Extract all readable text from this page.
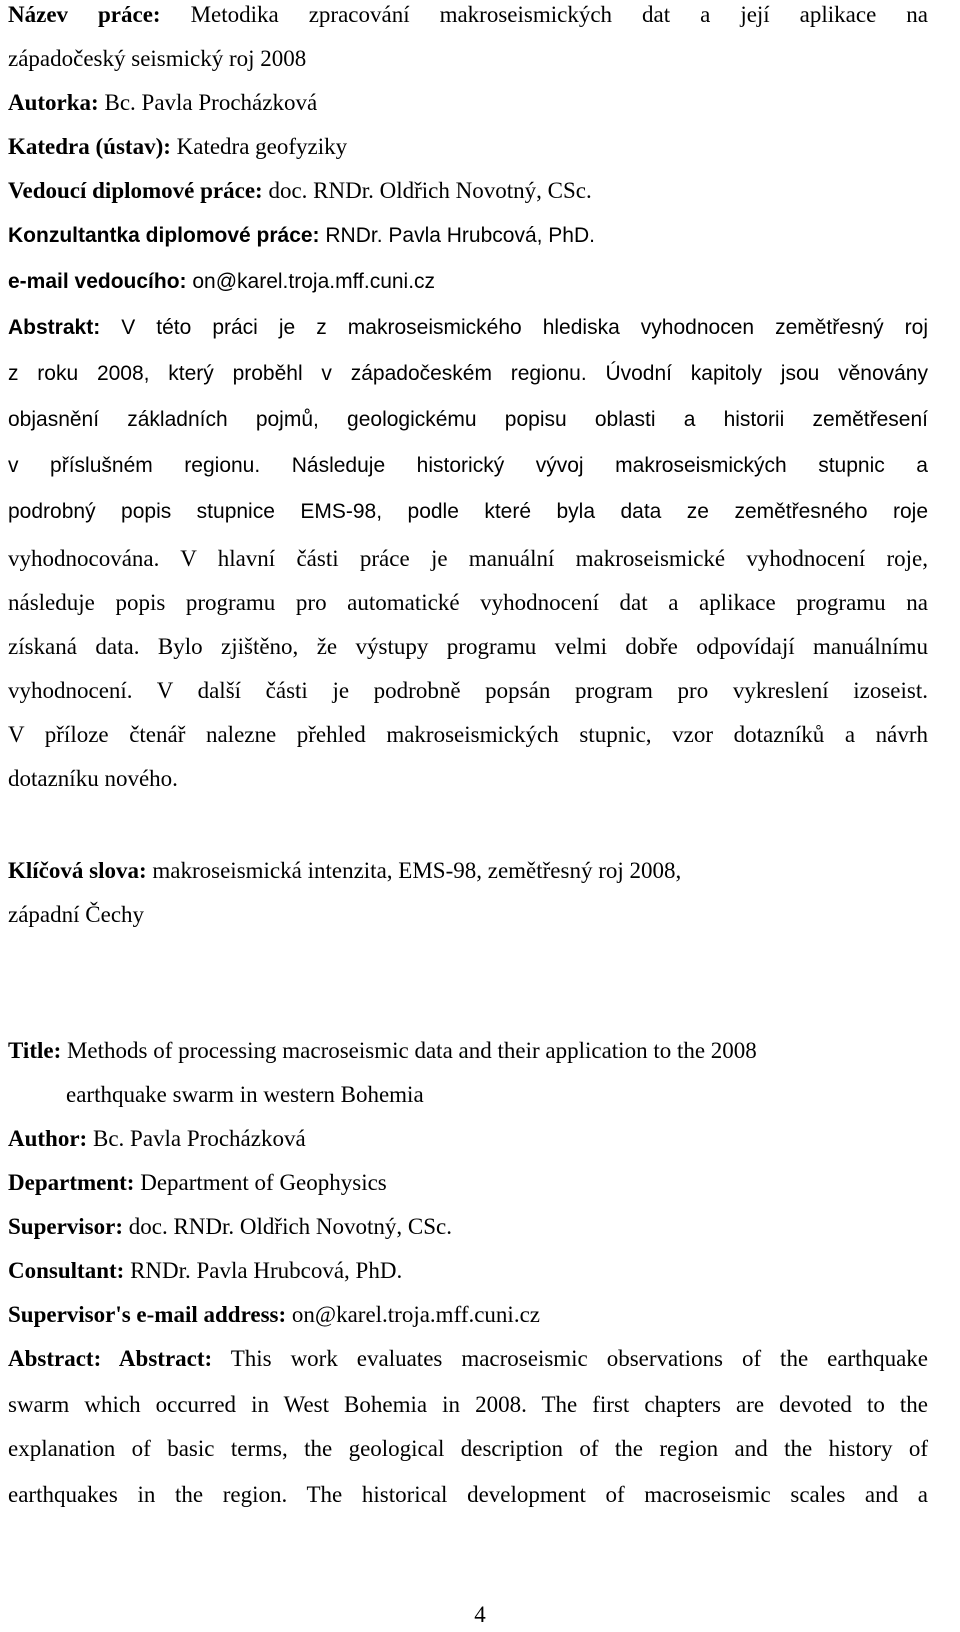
Název práce: Metodika zpracování makroseismických dat a její aplikace na
západočeský seismický roj 2008
Autorka: Bc. Pavla Procházková
Katedra (ústav): Katedra geofyziky
Vedoucí diplomové práce: doc. RNDr. Oldřich Novotný, CSc.
Konzultantka diplomové práce: RNDr. Pavla Hrubcová, PhD.
e-mail vedoucího: on@karel.troja.mff.cuni.cz
Abstrakt: V této práci je z makroseismického hlediska vyhodnocen zemětřesný roj
z roku 2008, který proběhl v západočeském regionu. Úvodní kapitoly jsou věnovány
objasnění základních pojmů, geologickému popisu oblasti a historii zemětřesení
v příslušném regionu. Následuje historický vývoj makroseismických stupnic a
podrobný popis stupnice EMS-98, podle které byla data ze zemětřesného roje
vyhodnocována. V hlavní části práce je manuální makroseismické vyhodnocení roje,
následuje popis programu pro automatické vyhodnocení dat a aplikace programu na
získaná data. Bylo zjištěno, že výstupy programu velmi dobře odpovídají manuálnímu
vyhodnocení. V další části je podrobně popsán program pro vykreslení izoseist.
V příloze čtenář nalezne přehled makroseismických stupnic, vzor dotazníků a návrh
dotazníku nového.
Klíčová slova: makroseismická intenzita, EMS-98, zemětřesný roj 2008,
západní Čechy
Title: Methods of processing macroseismic data and their application to the 2008
earthquake swarm in western Bohemia
Author: Bc. Pavla Procházková
Department: Department of Geophysics
Supervisor: doc. RNDr. Oldřich Novotný, CSc.
Consultant: RNDr. Pavla Hrubcová, PhD.
Supervisor's e-mail address: on@karel.troja.mff.cuni.cz
Abstract: Abstract: This work evaluates macroseismic observations of the earthquake
swarm which occurred in West Bohemia in 2008. The first chapters are devoted to the
explanation of basic terms, the geological description of the region and the history of
earthquakes in the region. The historical development of macroseismic scales and a
4
